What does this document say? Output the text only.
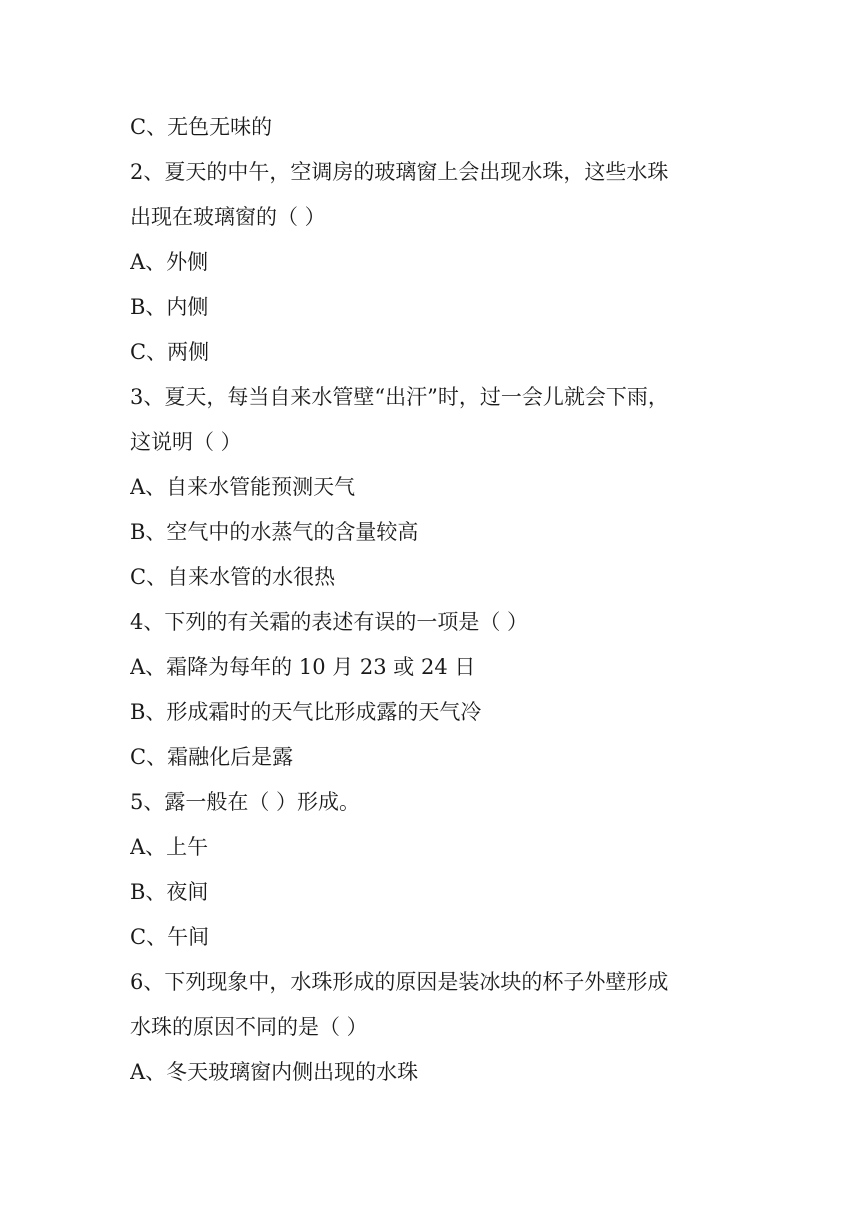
C、无色无味的
2、夏天的中午，空调房的玻璃窗上会出现水珠，这些水珠
出现在玻璃窗的（ ）
A、外侧
B、内侧
C、两侧
3、夏天，每当自来水管壁“出汗”时，过一会儿就会下雨，
这说明（ ）
A、自来水管能预测天气
B、空气中的水蒸气的含量较高
C、自来水管的水很热
4、下列的有关霜的表述有误的一项是（ ）
A、霜降为每年的 10 月 23 或 24 日
B、形成霜时的天气比形成露的天气冷
C、霜融化后是露
5、露一般在（ ）形成。
A、上午
B、夜间
C、午间
6、下列现象中，水珠形成的原因是装冰块的杯子外壁形成
水珠的原因不同的是（ ）
A、冬天玻璃窗内侧出现的水珠
